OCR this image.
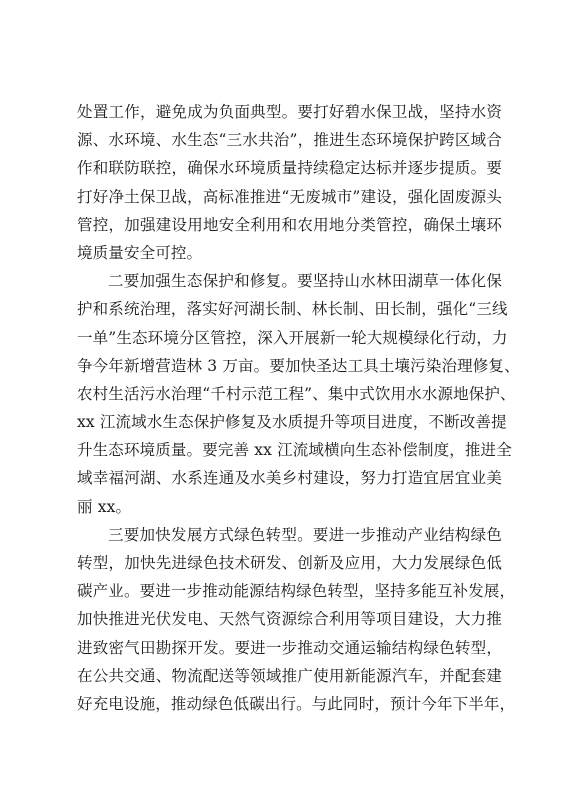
处置工作，避免成为负面典型。要打好碧水保卫战，坚持水资
源、水环境、水生态“三水共治”，推进生态环境保护跨区域合
作和联防联控，确保水环境质量持续稳定达标并逐步提质。要
打好净土保卫战，高标准推进“无废城市”建设，强化固废源头
管控，加强建设用地安全利用和农用地分类管控，确保土壤环
境质量安全可控。
二要加强生态保护和修复。要坚持山水林田湖草一体化保
护和系统治理，落实好河湖长制、林长制、田长制，强化“三线
一单”生态环境分区管控，深入开展新一轮大规模绿化行动，力
争今年新增营造林 3 万亩。要加快圣达工具土壤污染治理修复、
农村生活污水治理“千村示范工程”、集中式饮用水水源地保护、
xx 江流域水生态保护修复及水质提升等项目进度，不断改善提
升生态环境质量。要完善 xx 江流域横向生态补偿制度，推进全
域幸福河湖、水系连通及水美乡村建设，努力打造宜居宜业美
丽 xx。
三要加快发展方式绿色转型。要进一步推动产业结构绿色
转型，加快先进绿色技术研发、创新及应用，大力发展绿色低
碳产业。要进一步推动能源结构绿色转型，坚持多能互补发展，
加快推进光伏发电、天然气资源综合利用等项目建设，大力推
进致密气田勘探开发。要进一步推动交通运输结构绿色转型，
在公共交通、物流配送等领域推广使用新能源汽车，并配套建
好充电设施，推动绿色低碳出行。与此同时，预计今年下半年，
